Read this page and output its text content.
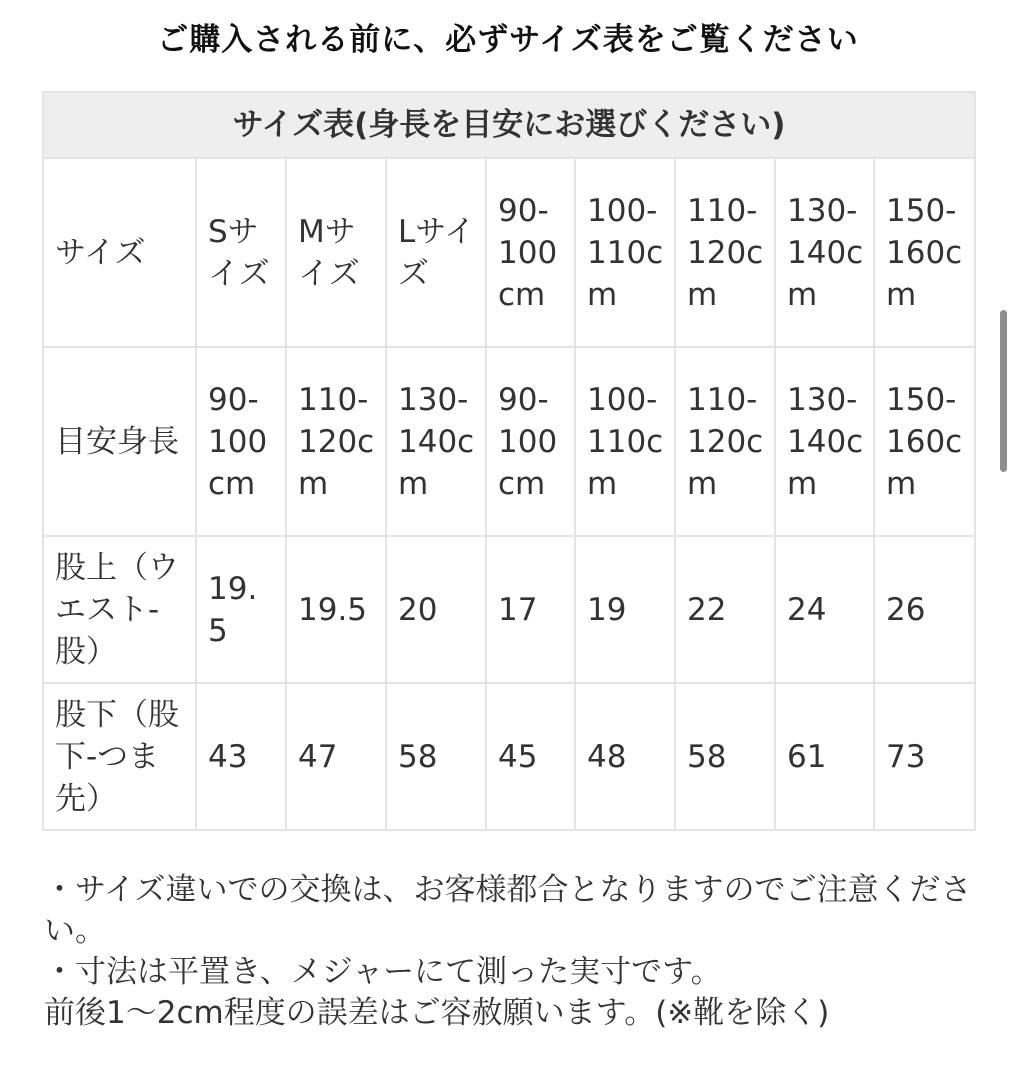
ご購入される前に、必ずサイズ表をご覧ください
サイズ表(身長を目安にお選びください)								
サイズ	Sサイズ	Mサイズ	Lサイズ	90-100cm	100-110cm	110-120cm	130-140cm	150-160cm
目安身長	90-100cm	110-120cm	130-140cm	90-100cm	100-110cm	110-120cm	130-140cm	150-160cm
股上（ウエスト-股）	19.5	19.5	20	17	19	22	24	26
股下（股下-つま先）	43	47	58	45	48	58	61	73

・サイズ違いでの交換は、お客様都合となりますのでご注意ください。

・寸法は平置き、メジャーにて測った実寸です。

前後1〜2cm程度の誤差はご容赦願います。(※靴を除く)
